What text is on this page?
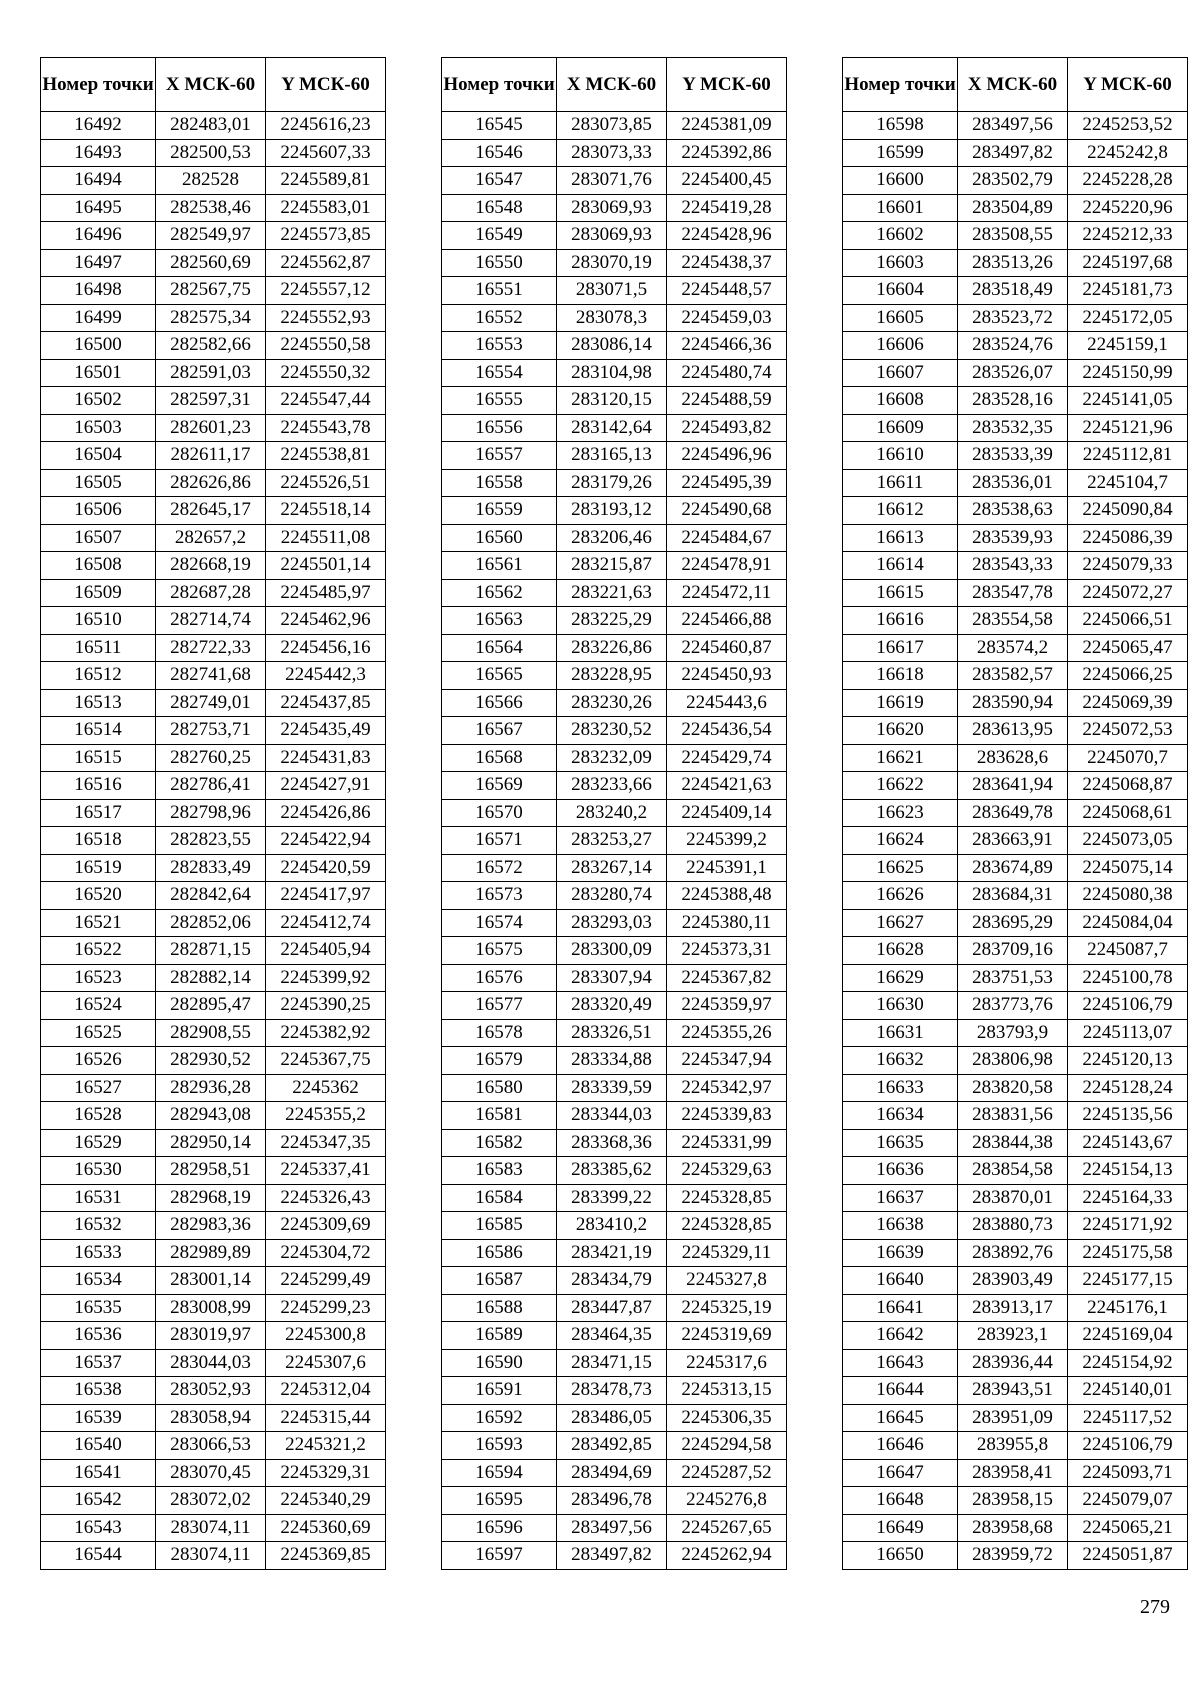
Номер точки	X МСК-60	Y МСК-60
16492	282483,01	2245616,23
16493	282500,53	2245607,33
16494	282528	2245589,81
16495	282538,46	2245583,01
16496	282549,97	2245573,85
16497	282560,69	2245562,87
16498	282567,75	2245557,12
16499	282575,34	2245552,93
16500	282582,66	2245550,58
16501	282591,03	2245550,32
16502	282597,31	2245547,44
16503	282601,23	2245543,78
16504	282611,17	2245538,81
16505	282626,86	2245526,51
16506	282645,17	2245518,14
16507	282657,2	2245511,08
16508	282668,19	2245501,14
16509	282687,28	2245485,97
16510	282714,74	2245462,96
16511	282722,33	2245456,16
16512	282741,68	2245442,3
16513	282749,01	2245437,85
16514	282753,71	2245435,49
16515	282760,25	2245431,83
16516	282786,41	2245427,91
16517	282798,96	2245426,86
16518	282823,55	2245422,94
16519	282833,49	2245420,59
16520	282842,64	2245417,97
16521	282852,06	2245412,74
16522	282871,15	2245405,94
16523	282882,14	2245399,92
16524	282895,47	2245390,25
16525	282908,55	2245382,92
16526	282930,52	2245367,75
16527	282936,28	2245362
16528	282943,08	2245355,2
16529	282950,14	2245347,35
16530	282958,51	2245337,41
16531	282968,19	2245326,43
16532	282983,36	2245309,69
16533	282989,89	2245304,72
16534	283001,14	2245299,49
16535	283008,99	2245299,23
16536	283019,97	2245300,8
16537	283044,03	2245307,6
16538	283052,93	2245312,04
16539	283058,94	2245315,44
16540	283066,53	2245321,2
16541	283070,45	2245329,31
16542	283072,02	2245340,29
16543	283074,11	2245360,69
16544	283074,11	2245369,85
Номер точки	X МСК-60	Y МСК-60
16545	283073,85	2245381,09
16546	283073,33	2245392,86
16547	283071,76	2245400,45
16548	283069,93	2245419,28
16549	283069,93	2245428,96
16550	283070,19	2245438,37
16551	283071,5	2245448,57
16552	283078,3	2245459,03
16553	283086,14	2245466,36
16554	283104,98	2245480,74
16555	283120,15	2245488,59
16556	283142,64	2245493,82
16557	283165,13	2245496,96
16558	283179,26	2245495,39
16559	283193,12	2245490,68
16560	283206,46	2245484,67
16561	283215,87	2245478,91
16562	283221,63	2245472,11
16563	283225,29	2245466,88
16564	283226,86	2245460,87
16565	283228,95	2245450,93
16566	283230,26	2245443,6
16567	283230,52	2245436,54
16568	283232,09	2245429,74
16569	283233,66	2245421,63
16570	283240,2	2245409,14
16571	283253,27	2245399,2
16572	283267,14	2245391,1
16573	283280,74	2245388,48
16574	283293,03	2245380,11
16575	283300,09	2245373,31
16576	283307,94	2245367,82
16577	283320,49	2245359,97
16578	283326,51	2245355,26
16579	283334,88	2245347,94
16580	283339,59	2245342,97
16581	283344,03	2245339,83
16582	283368,36	2245331,99
16583	283385,62	2245329,63
16584	283399,22	2245328,85
16585	283410,2	2245328,85
16586	283421,19	2245329,11
16587	283434,79	2245327,8
16588	283447,87	2245325,19
16589	283464,35	2245319,69
16590	283471,15	2245317,6
16591	283478,73	2245313,15
16592	283486,05	2245306,35
16593	283492,85	2245294,58
16594	283494,69	2245287,52
16595	283496,78	2245276,8
16596	283497,56	2245267,65
16597	283497,82	2245262,94
Номер точки	X МСК-60	Y МСК-60
16598	283497,56	2245253,52
16599	283497,82	2245242,8
16600	283502,79	2245228,28
16601	283504,89	2245220,96
16602	283508,55	2245212,33
16603	283513,26	2245197,68
16604	283518,49	2245181,73
16605	283523,72	2245172,05
16606	283524,76	2245159,1
16607	283526,07	2245150,99
16608	283528,16	2245141,05
16609	283532,35	2245121,96
16610	283533,39	2245112,81
16611	283536,01	2245104,7
16612	283538,63	2245090,84
16613	283539,93	2245086,39
16614	283543,33	2245079,33
16615	283547,78	2245072,27
16616	283554,58	2245066,51
16617	283574,2	2245065,47
16618	283582,57	2245066,25
16619	283590,94	2245069,39
16620	283613,95	2245072,53
16621	283628,6	2245070,7
16622	283641,94	2245068,87
16623	283649,78	2245068,61
16624	283663,91	2245073,05
16625	283674,89	2245075,14
16626	283684,31	2245080,38
16627	283695,29	2245084,04
16628	283709,16	2245087,7
16629	283751,53	2245100,78
16630	283773,76	2245106,79
16631	283793,9	2245113,07
16632	283806,98	2245120,13
16633	283820,58	2245128,24
16634	283831,56	2245135,56
16635	283844,38	2245143,67
16636	283854,58	2245154,13
16637	283870,01	2245164,33
16638	283880,73	2245171,92
16639	283892,76	2245175,58
16640	283903,49	2245177,15
16641	283913,17	2245176,1
16642	283923,1	2245169,04
16643	283936,44	2245154,92
16644	283943,51	2245140,01
16645	283951,09	2245117,52
16646	283955,8	2245106,79
16647	283958,41	2245093,71
16648	283958,15	2245079,07
16649	283958,68	2245065,21
16650	283959,72	2245051,87
279
